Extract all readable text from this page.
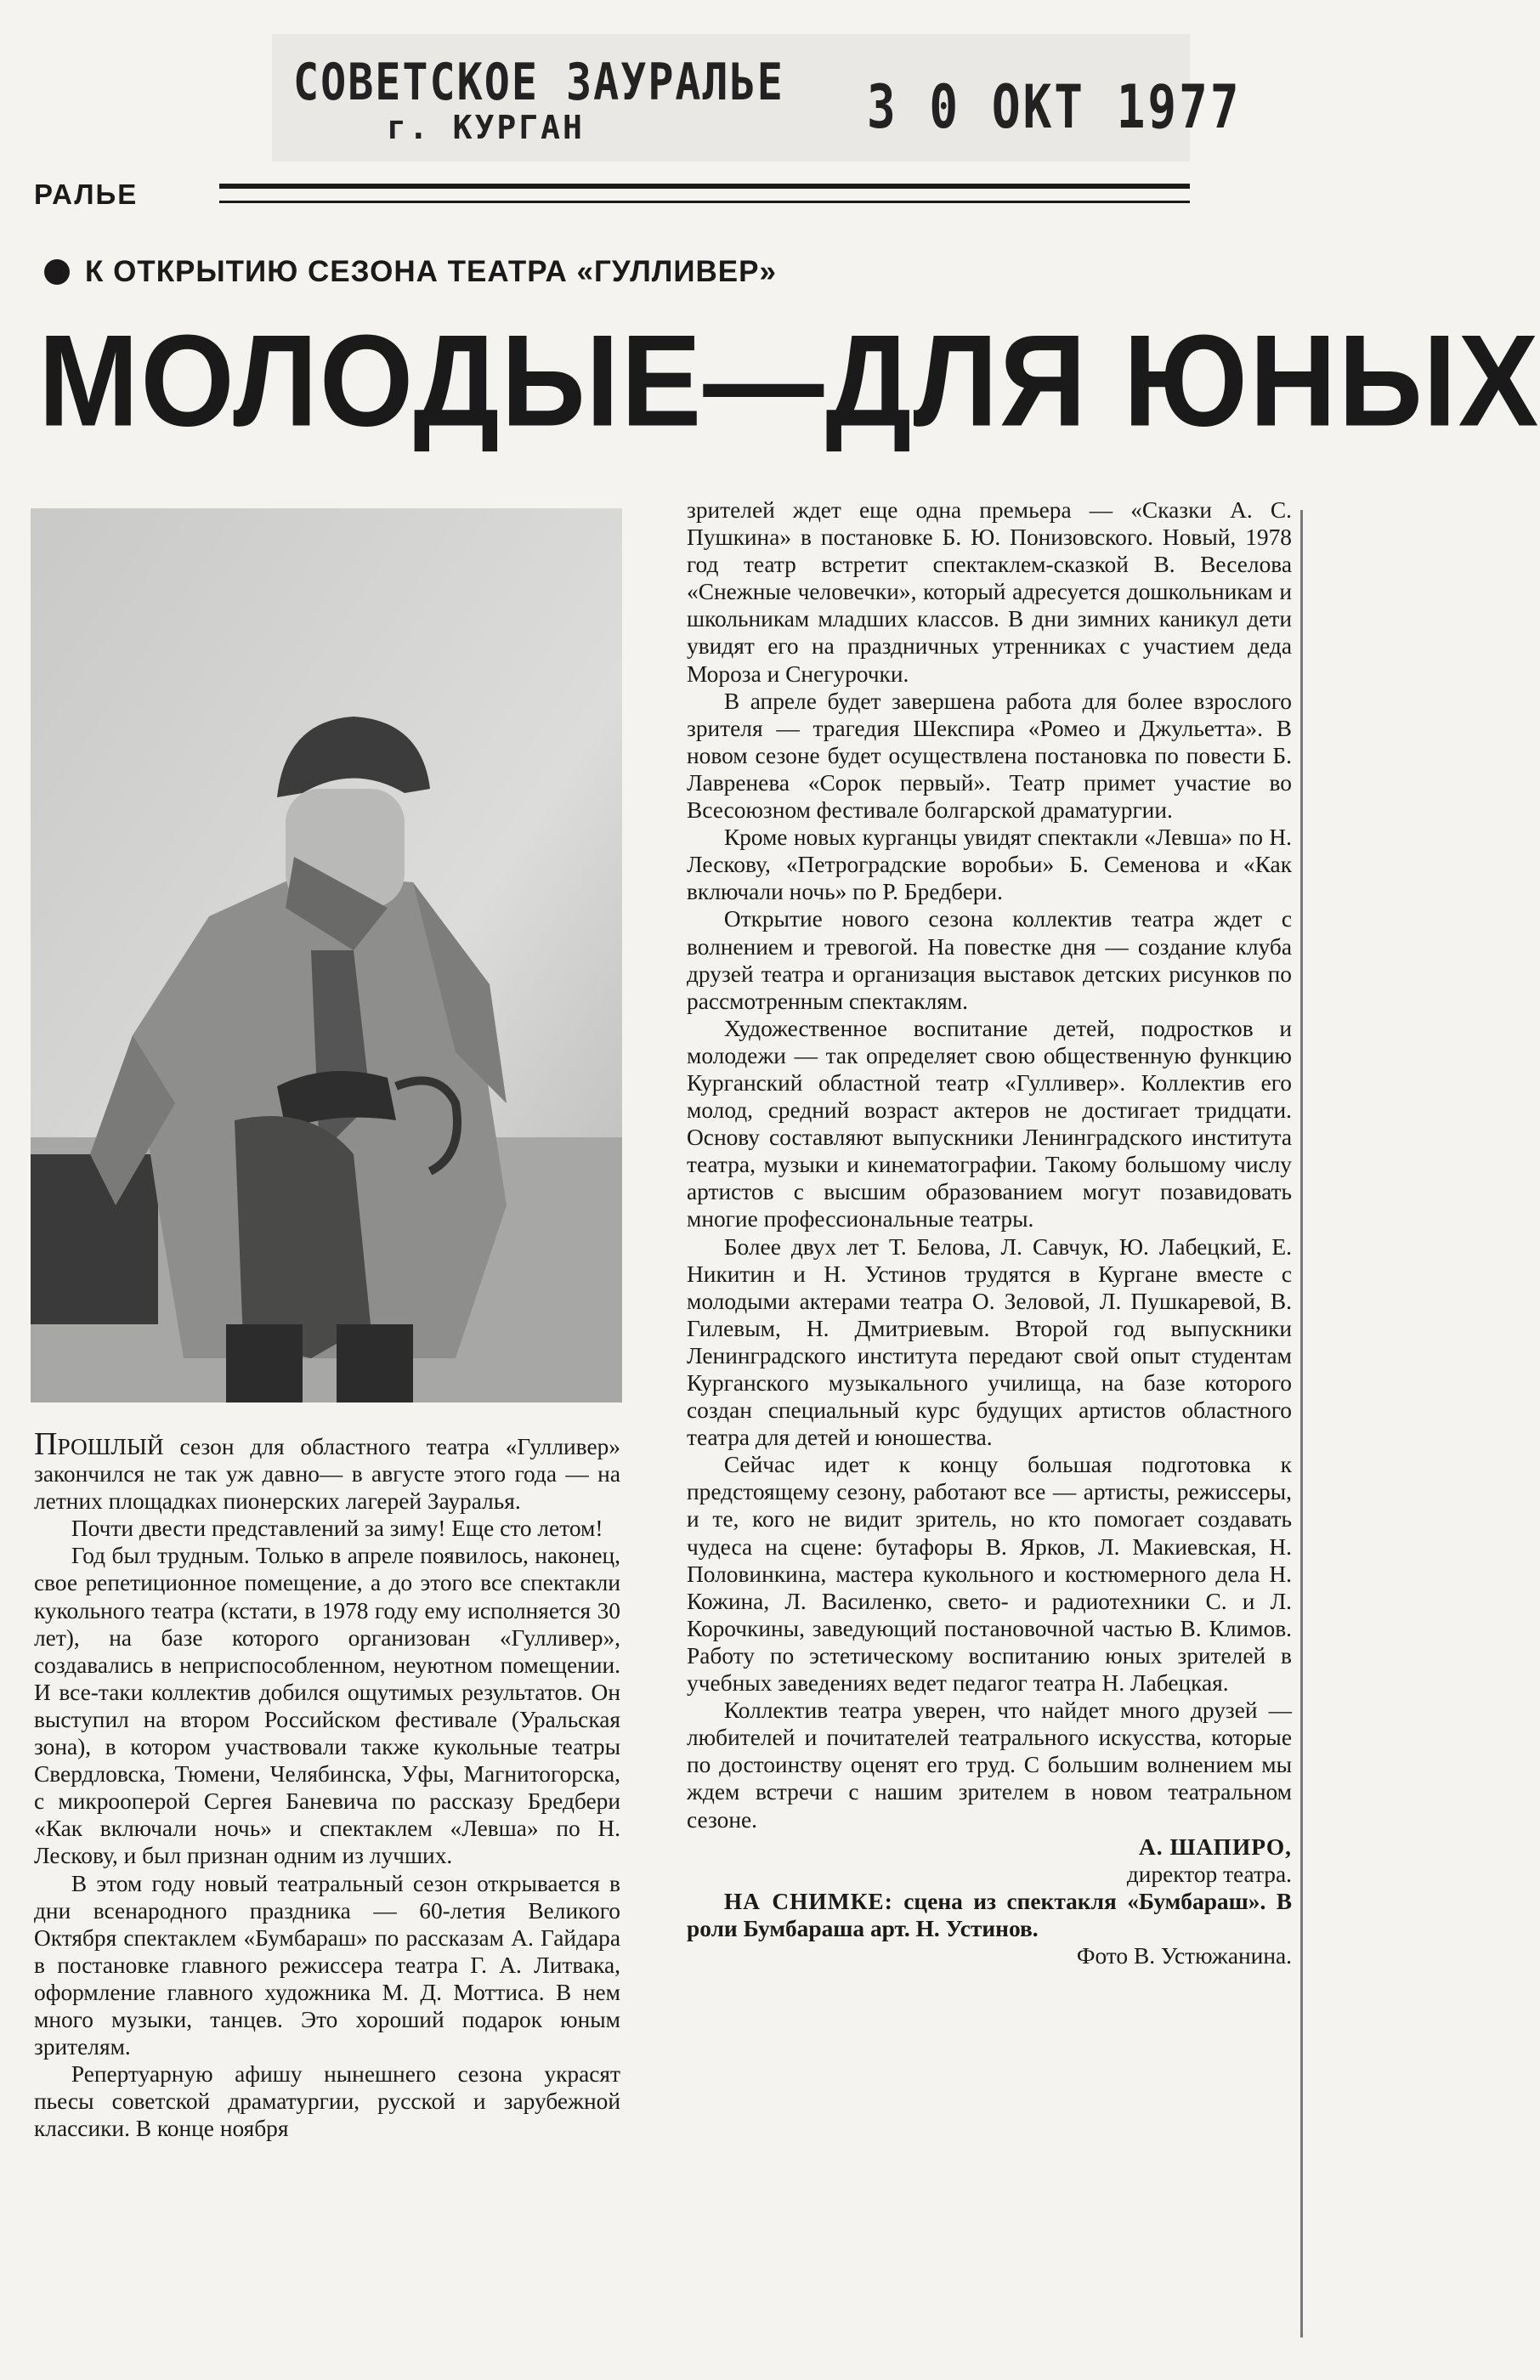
СОВЕТСКОЕ ЗАУРАЛЬЕ
г. КУРГАН	3 0 ОКТ 1977
РАЛЬЕ
К ОТКРЫТИЮ СЕЗОНА ТЕАТРА «ГУЛЛИВЕР»
МОЛОДЫЕ—ДЛЯ ЮНЫХ

ПРОШЛЫЙ сезон для областного театра «Гулливер» закончился не так уж давно— в августе этого года — на летних площадках пионерских лагерей Зауралья.

Почти двести представлений за зиму! Еще сто летом!

Год был трудным. Только в апреле появилось, наконец, свое репетиционное помещение, а до этого все спектакли кукольного театра (кстати, в 1978 году ему исполняется 30 лет), на базе которого организован «Гулливер», создавались в неприспособленном, неуютном помещении. И все-таки коллектив добился ощутимых результатов. Он выступил на втором Российском фестивале (Уральская зона), в котором участвовали также кукольные театры Свердловска, Тюмени, Челябинска, Уфы, Магнитогорска, с микрооперой Сергея Баневича по рассказу Бредбери «Как включали ночь» и спектаклем «Левша» по Н. Лескову, и был признан одним из лучших.

В этом году новый театральный сезон открывается в дни всенародного праздника — 60-летия Великого Октября спектаклем «Бумбараш» по рассказам А. Гайдара в постановке главного режиссера театра Г. А. Литвака, оформление главного художника М. Д. Моттиса. В нем много музыки, танцев. Это хороший подарок юным зрителям.

Репертуарную афишу нынешнего сезона украсят пьесы советской драматургии, русской и зарубежной классики. В конце ноября

зрителей ждет еще одна премьера — «Сказки А. С. Пушкина» в постановке Б. Ю. Понизовского. Новый, 1978 год театр встретит спектаклем-сказкой В. Веселова «Снежные человечки», который адресуется дошкольникам и школьникам младших классов. В дни зимних каникул дети увидят его на праздничных утренниках с участием деда Мороза и Снегурочки.

В апреле будет завершена работа для более взрослого зрителя — трагедия Шекспира «Ромео и Джульетта». В новом сезоне будет осуществлена постановка по повести Б. Лавренева «Сорок первый». Театр примет участие во Всесоюзном фестивале болгарской драматургии.

Кроме новых курганцы увидят спектакли «Левша» по Н. Лескову, «Петроградские воробьи» Б. Семенова и «Как включали ночь» по Р. Бредбери.

Открытие нового сезона коллектив театра ждет с волнением и тревогой. На повестке дня — создание клуба друзей театра и организация выставок детских рисунков по рассмотренным спектаклям.

Художественное воспитание детей, подростков и молодежи — так определяет свою общественную функцию Курганский областной театр «Гулливер». Коллектив его молод, средний возраст актеров не достигает тридцати. Основу составляют выпускники Ленинградского института театра, музыки и кинематографии. Такому большому числу артистов с высшим образованием могут позавидовать многие профессиональные театры.

Более двух лет Т. Белова, Л. Савчук, Ю. Лабецкий, Е. Никитин и Н. Устинов трудятся в Кургане вместе с молодыми актерами театра О. Зеловой, Л. Пушкаревой, В. Гилевым, Н. Дмитриевым. Второй год выпускники Ленинградского института передают свой опыт студентам Курганского музыкального училища, на базе которого создан специальный курс будущих артистов областного театра для детей и юношества.

Сейчас идет к концу большая подготовка к предстоящему сезону, работают все — артисты, режиссеры, и те, кого не видит зритель, но кто помогает создавать чудеса на сцене: бутафоры В. Ярков, Л. Макиевская, Н. Половинкина, мастера кукольного и костюмерного дела Н. Кожина, Л. Василенко, свето- и радиотехники С. и Л. Корочкины, заведующий постановочной частью В. Климов. Работу по эстетическому воспитанию юных зрителей в учебных заведениях ведет педагог театра Н. Лабецкая.

Коллектив театра уверен, что найдет много друзей — любителей и почитателей театрального искусства, которые по достоинству оценят его труд. С большим волнением мы ждем встречи с нашим зрителем в новом театральном сезоне.

А. ШАПИРО,

директор театра.

НА СНИМКЕ: сцена из спектакля «Бумбараш». В роли Бумбараша арт. Н. Устинов.

Фото В. Устюжанина.
